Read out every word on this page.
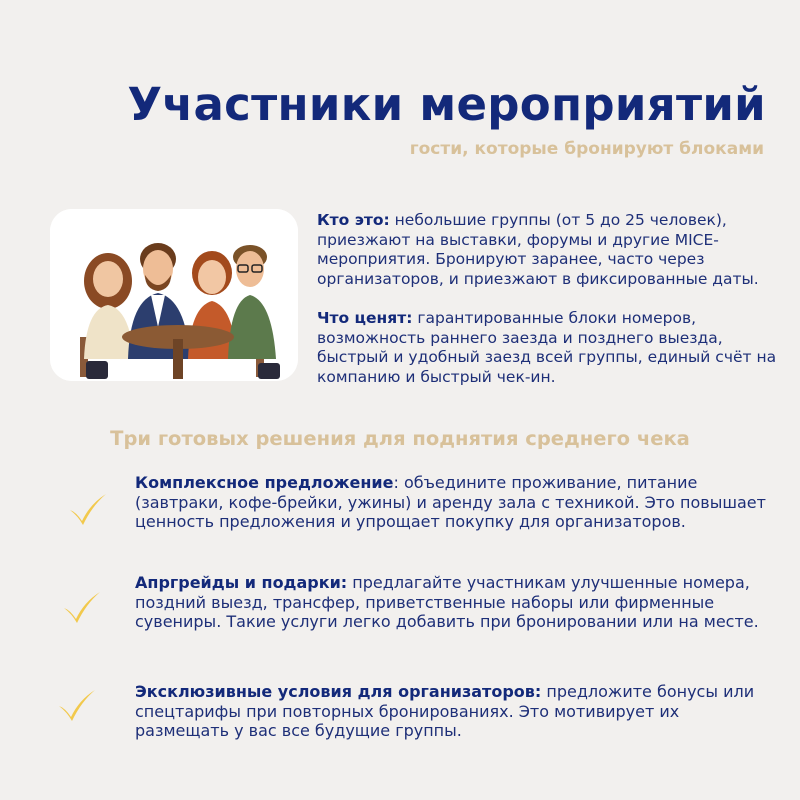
Участники мероприятий

гости, которые бронируют блоками

Кто это: небольшие группы (от 5 до 25 человек), приезжают на выставки, форумы и другие MICE-мероприятия. Бронируют заранее, часто через организаторов, и приезжают в фиксированные даты.

Что ценят: гарантированные блоки номеров, возможность раннего заезда и позднего выезда, быстрый и удобный заезд всей группы, единый счёт на компанию и быстрый чек-ин.

Три готовых решения для поднятия среднего чека
Комплексное предложение: объедините проживание, питание (завтраки, кофе-брейки, ужины) и аренду зала с техникой. Это повышает ценность предложения и упрощает покупку для организаторов.
Апргрейды и подарки: предлагайте участникам улучшенные номера, поздний выезд, трансфер, приветственные наборы или фирменные сувениры. Такие услуги легко добавить при бронировании или на месте.
Эксклюзивные условия для организаторов: предложите бонусы или спецтарифы при повторных бронированиях. Это мотивирует их размещать у вас все будущие группы.
